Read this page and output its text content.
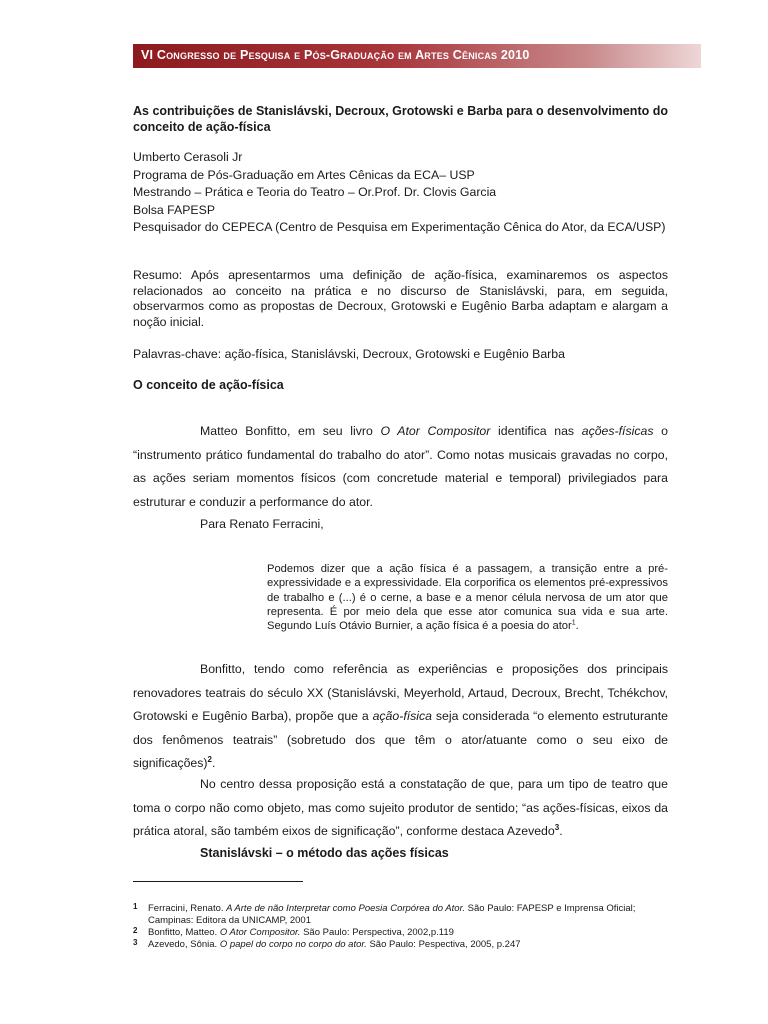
VI Congresso de Pesquisa e Pós-Graduação em Artes Cênicas 2010

As contribuições de Stanislávski, Decroux, Grotowski e Barba para o desenvolvimento do conceito de ação-física

Umberto Cerasoli Jr
Programa de Pós-Graduação em Artes Cênicas da ECA– USP
Mestrando – Prática e Teoria do Teatro – Or.Prof. Dr. Clovis Garcia
Bolsa FAPESP
Pesquisador do CEPECA (Centro de Pesquisa em Experimentação Cênica do Ator, da ECA/USP)
Resumo: Após apresentarmos uma definição de ação-física, examinaremos os aspectos relacionados ao conceito na prática e no discurso de Stanislávski, para, em seguida, observarmos como as propostas de Decroux, Grotowski e Eugênio Barba adaptam e alargam a noção inicial.
Palavras-chave: ação-física, Stanislávski, Decroux, Grotowski e Eugênio Barba
O conceito de ação-física

Matteo Bonfitto, em seu livro O Ator Compositor identifica nas ações-físicas o “instrumento prático fundamental do trabalho do ator”. Como notas musicais gravadas no corpo, as ações seriam momentos físicos (com concretude material e temporal) privilegiados para estruturar e conduzir a performance do ator.

Para Renato Ferracini,

Podemos dizer que a ação física é a passagem, a transição entre a pré-expressividade e a expressividade. Ela corporifica os elementos pré-expressivos de trabalho e (...) é o cerne, a base e a menor célula nervosa de um ator que representa. É por meio dela que esse ator comunica sua vida e sua arte. Segundo Luís Otávio Burnier, a ação física é a poesia do ator$^1$.

Bonfitto, tendo como referência as experiências e proposições dos principais renovadores teatrais do século XX (Stanislávski, Meyerhold, Artaud, Decroux, Brecht, Tchékchov, Grotowski e Eugênio Barba), propõe que a ação-física seja considerada “o elemento estruturante dos fenômenos teatrais” (sobretudo dos que têm o ator/atuante como o seu eixo de significações)$^2$.

No centro dessa proposição está a constatação de que, para um tipo de teatro que toma o corpo não como objeto, mas como sujeito produtor de sentido; “as ações-físicas, eixos da prática atoral, são também eixos de significação”, conforme destaca Azevedo$^3$.

Stanislávski – o método das ações físicas
1 Ferracini, Renato. A Arte de não Interpretar como Poesia Corpórea do Ator. São Paulo: FAPESP e Imprensa Oficial; Campinas: Editora da UNICAMP, 2001
2 Bonfitto, Matteo. O Ator Compositor. São Paulo: Perspectiva, 2002,p.119
3 Azevedo, Sônia. O papel do corpo no corpo do ator. São Paulo: Pespectiva, 2005, p.247
